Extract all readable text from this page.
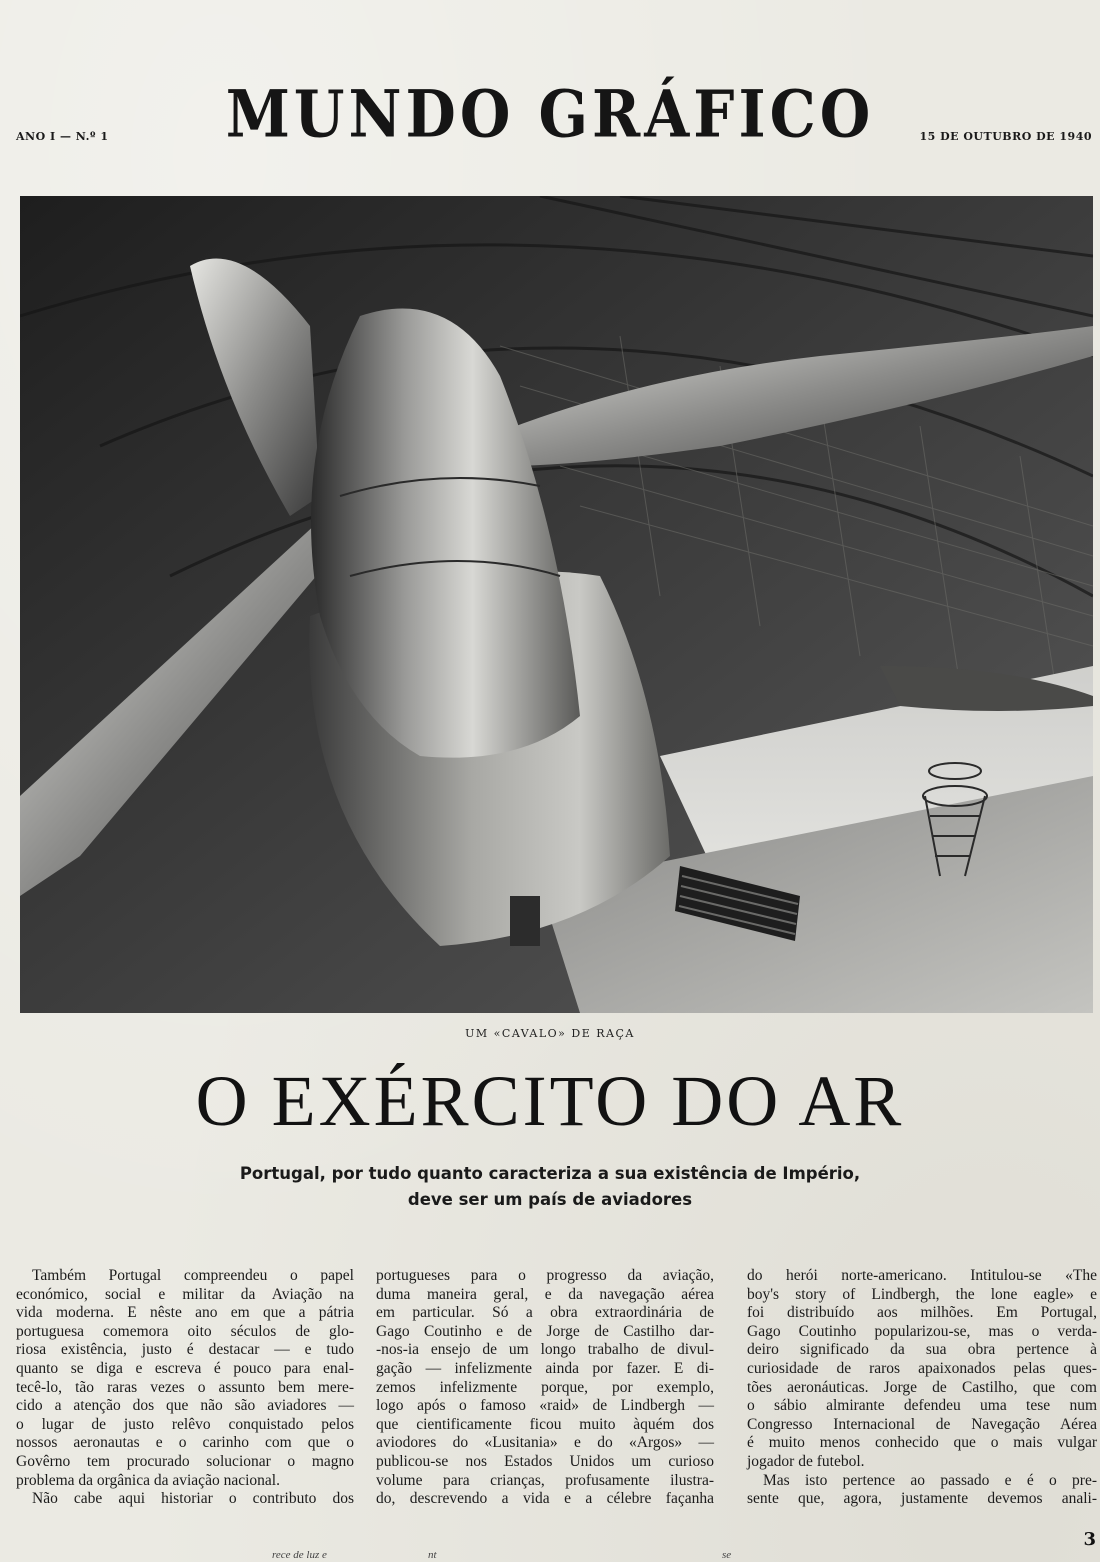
ANO I — N.º 1	MUNDO GRÁFICO	15 DE OUTUBRO DE 1940
UM «CAVALO» DE RAÇA
O EXÉRCITO DO AR
Portugal, por tudo quanto caracteriza a sua existência de Império,
deve ser um país de aviadores
Também Portugal compreendeu o papel
económico, social e militar da Aviação na
vida moderna. E nêste ano em que a pátria
portuguesa comemora oito séculos de glo-
riosa existência, justo é destacar — e tudo
quanto se diga e escreva é pouco para enal-
tecê-lo, tão raras vezes o assunto bem mere-
cido a atenção dos que não são aviadores —
o lugar de justo relêvo conquistado pelos
nossos aeronautas e o carinho com que o
Govêrno tem procurado solucionar o magno
problema da orgânica da aviação nacional.
Não cabe aqui historiar o contributo dos
portugueses para o progresso da aviação,
duma maneira geral, e da navegação aérea
em particular. Só a obra extraordinária de
Gago Coutinho e de Jorge de Castilho dar-
-nos-ia ensejo de um longo trabalho de divul-
gação — infelizmente ainda por fazer. E di-
zemos infelizmente porque, por exemplo,
logo após o famoso «raid» de Lindbergh —
que cientificamente ficou muito àquém dos
aviodores do «Lusitania» e do «Argos» —
publicou-se nos Estados Unidos um curioso
volume para crianças, profusamente ilustra-
do, descrevendo a vida e a célebre façanha
do herói norte-americano. Intitulou-se «The
boy's story of Lindbergh, the lone eagle» e
foi distribuído aos milhões. Em Portugal,
Gago Coutinho popularizou-se, mas o verda-
deiro significado da sua obra pertence à
curiosidade de raros apaixonados pelas ques-
tões aeronáuticas. Jorge de Castilho, que com
o sábio almirante defendeu uma tese num
Congresso Internacional de Navegação Aérea
é muito menos conhecido que o mais vulgar
jogador de futebol.
Mas isto pertence ao passado e é o pre-
sente que, agora, justamente devemos anali-
3
rece de luz e	nt	se
